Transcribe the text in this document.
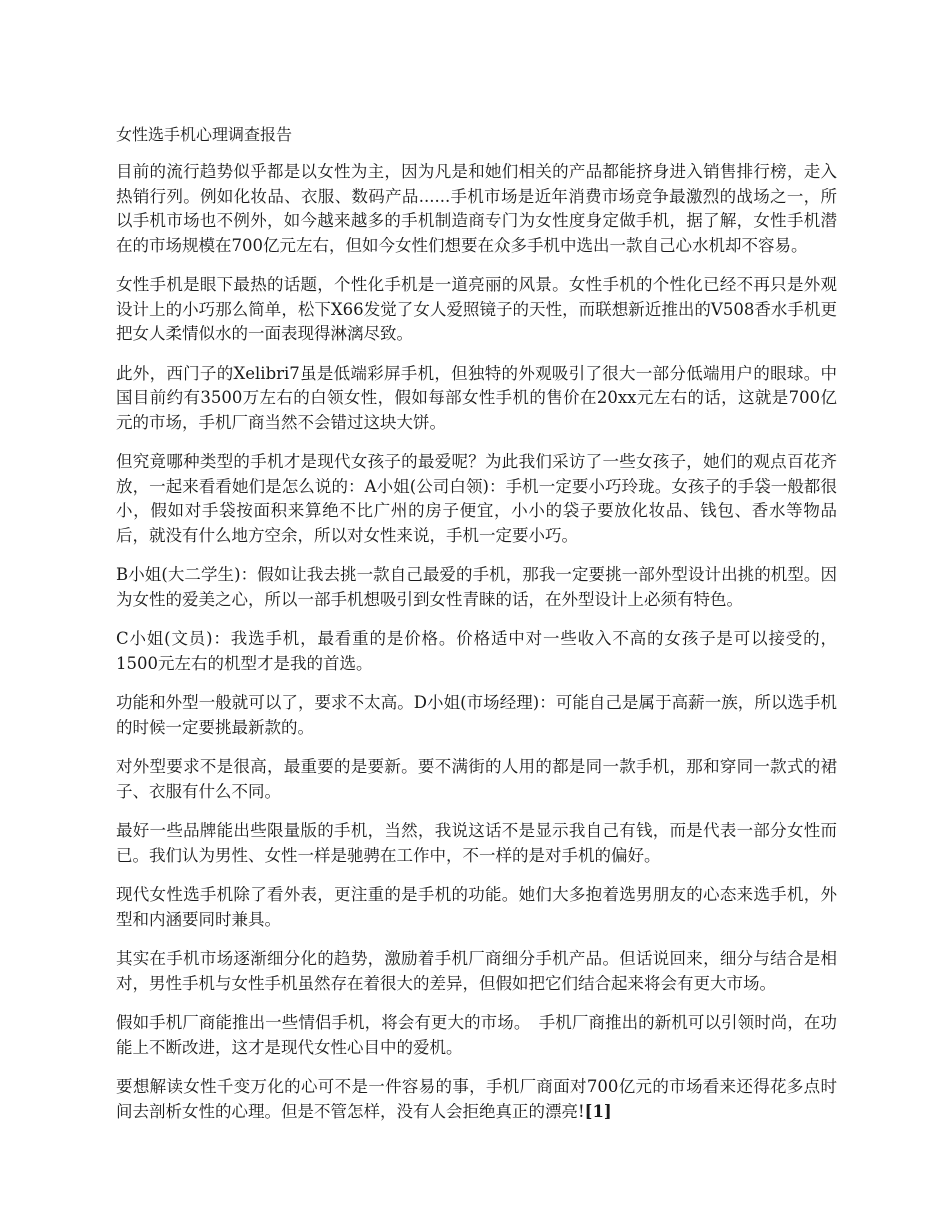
女性选手机心理调查报告

目前的流行趋势似乎都是以女性为主，因为凡是和她们相关的产品都能挤身进入销售排行榜，走入热销行列。例如化妆品、衣服、数码产品......手机市场是近年消费市场竞争最激烈的战场之一，所以手机市场也不例外，如今越来越多的手机制造商专门为女性度身定做手机，据了解，女性手机潜在的市场规模在700亿元左右，但如今女性们想要在众多手机中选出一款自己心水机却不容易。

女性手机是眼下最热的话题，个性化手机是一道亮丽的风景。女性手机的个性化已经不再只是外观设计上的小巧那么简单，松下X66发觉了女人爱照镜子的天性，而联想新近推出的V508香水手机更把女人柔情似水的一面表现得淋漓尽致。

此外，西门子的Xelibri7虽是低端彩屏手机，但独特的外观吸引了很大一部分低端用户的眼球。中国目前约有3500万左右的白领女性，假如每部女性手机的售价在20xx元左右的话，这就是700亿元的市场，手机厂商当然不会错过这块大饼。

但究竟哪种类型的手机才是现代女孩子的最爱呢？为此我们采访了一些女孩子，她们的观点百花齐放，一起来看看她们是怎么说的：A小姐(公司白领)：手机一定要小巧玲珑。女孩子的手袋一般都很小，假如对手袋按面积来算绝不比广州的房子便宜，小小的袋子要放化妆品、钱包、香水等物品后，就没有什么地方空余，所以对女性来说，手机一定要小巧。

B小姐(大二学生)：假如让我去挑一款自己最爱的手机，那我一定要挑一部外型设计出挑的机型。因为女性的爱美之心，所以一部手机想吸引到女性青睐的话，在外型设计上必须有特色。

C小姐(文员)：我选手机，最看重的是价格。价格适中对一些收入不高的女孩子是可以接受的，1500元左右的机型才是我的首选。

功能和外型一般就可以了，要求不太高。D小姐(市场经理)：可能自己是属于高薪一族，所以选手机的时候一定要挑最新款的。

对外型要求不是很高，最重要的是要新。要不满街的人用的都是同一款手机，那和穿同一款式的裙子、衣服有什么不同。

最好一些品牌能出些限量版的手机，当然，我说这话不是显示我自己有钱，而是代表一部分女性而已。我们认为男性、女性一样是驰骋在工作中，不一样的是对手机的偏好。

现代女性选手机除了看外表，更注重的是手机的功能。她们大多抱着选男朋友的心态来选手机，外型和内涵要同时兼具。

其实在手机市场逐渐细分化的趋势，激励着手机厂商细分手机产品。但话说回来，细分与结合是相对，男性手机与女性手机虽然存在着很大的差异，但假如把它们结合起来将会有更大市场。

假如手机厂商能推出一些情侣手机，将会有更大的市场。　手机厂商推出的新机可以引领时尚，在功能上不断改进，这才是现代女性心目中的爱机。

要想解读女性千变万化的心可不是一件容易的事，手机厂商面对700亿元的市场看来还得花多点时间去剖析女性的心理。但是不管怎样，没有人会拒绝真正的漂亮![1]
